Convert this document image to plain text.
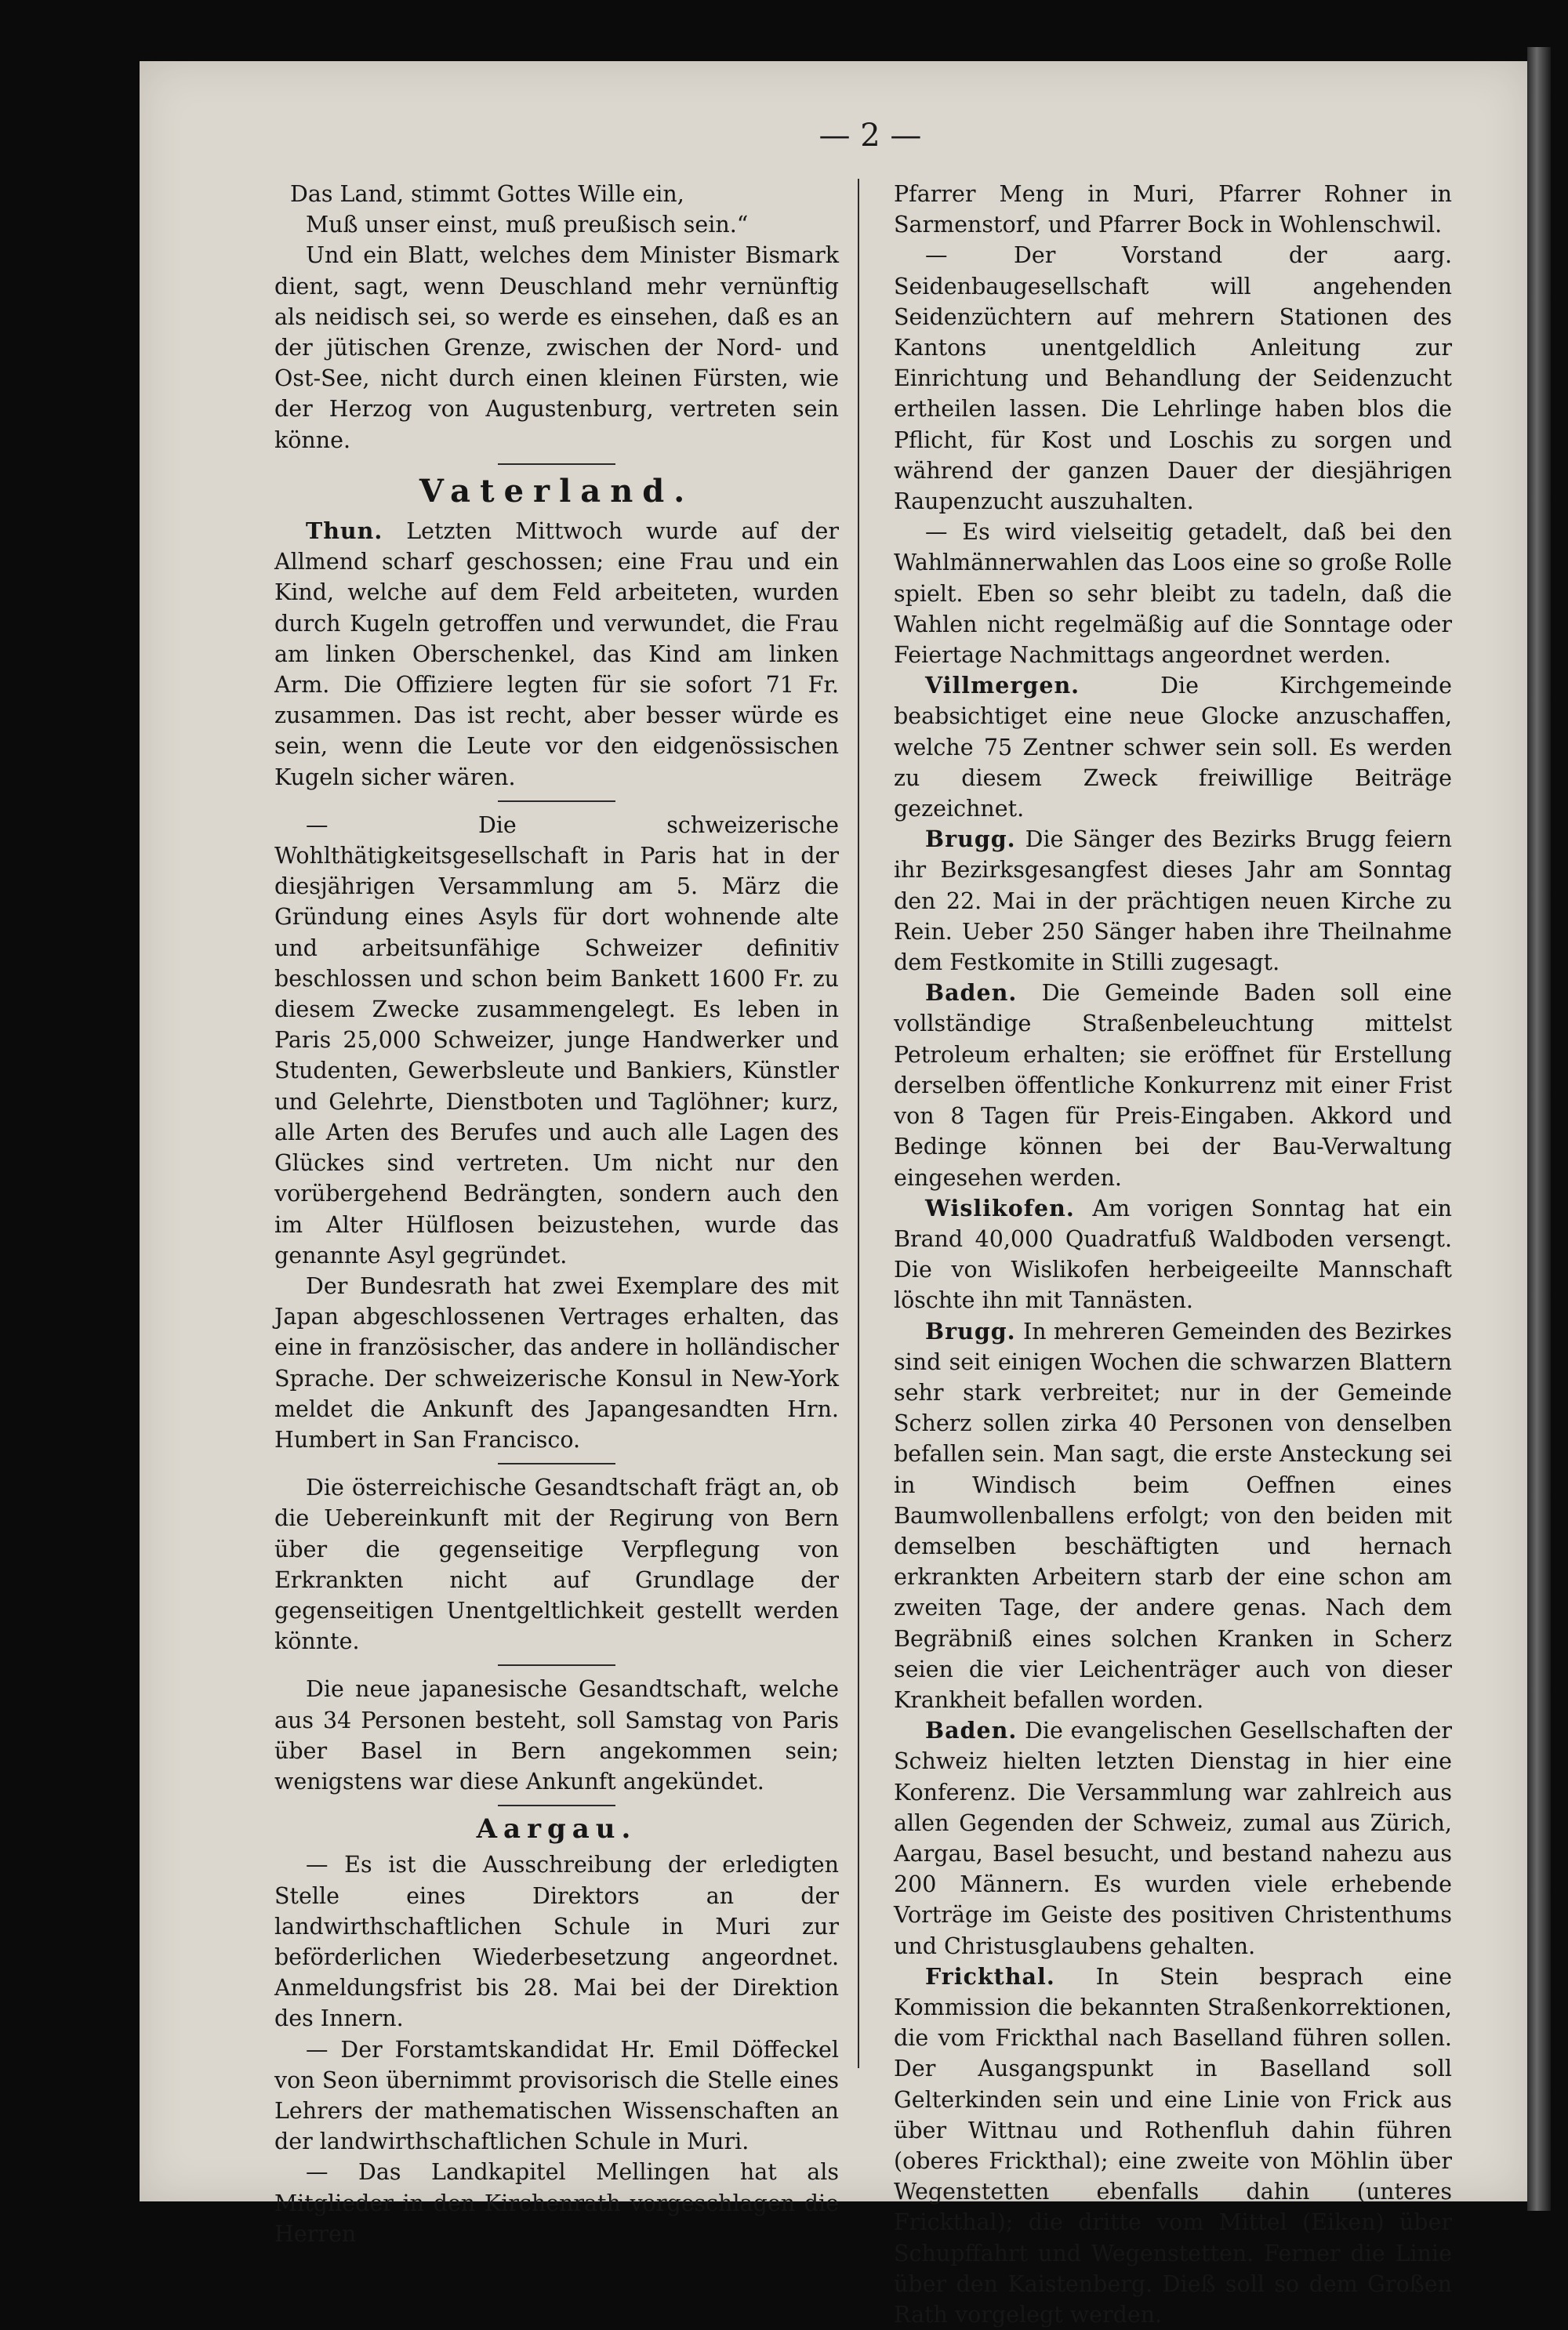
— 2 —

Das Land, stimmt Gottes Wille ein,

Muß unser einst, muß preußisch sein.“

Und ein Blatt, welches dem Minister Bismark dient, sagt, wenn Deuschland mehr vernünftig als neidisch sei, so werde es einsehen, daß es an der jütischen Grenze, zwischen der Nord- und Ost-See, nicht durch einen kleinen Fürsten, wie der Herzog von Augustenburg, vertreten sein könne.

Vaterland.

Thun. Letzten Mittwoch wurde auf der Allmend scharf geschossen; eine Frau und ein Kind, welche auf dem Feld arbeiteten, wurden durch Kugeln getroffen und verwundet, die Frau am linken Oberschenkel, das Kind am linken Arm. Die Offiziere legten für sie sofort 71 Fr. zusammen. Das ist recht, aber besser würde es sein, wenn die Leute vor den eidgenössischen Kugeln sicher wären.

— Die schweizerische Wohlthätigkeitsgesellschaft in Paris hat in der diesjährigen Versammlung am 5. März die Gründung eines Asyls für dort wohnende alte und arbeitsunfähige Schweizer definitiv beschlossen und schon beim Bankett 1600 Fr. zu diesem Zwecke zusammengelegt. Es leben in Paris 25,000 Schweizer, junge Handwerker und Studenten, Gewerbsleute und Bankiers, Künstler und Gelehrte, Dienstboten und Taglöhner; kurz, alle Arten des Berufes und auch alle Lagen des Glückes sind vertreten. Um nicht nur den vorübergehend Bedrängten, sondern auch den im Alter Hülflosen beizustehen, wurde das genannte Asyl gegründet.

Der Bundesrath hat zwei Exemplare des mit Japan abgeschlossenen Vertrages erhalten, das eine in französischer, das andere in holländischer Sprache. Der schweizerische Konsul in New-York meldet die Ankunft des Japangesandten Hrn. Humbert in San Francisco.

Die österreichische Gesandtschaft frägt an, ob die Uebereinkunft mit der Regirung von Bern über die gegenseitige Verpflegung von Erkrankten nicht auf Grundlage der gegenseitigen Unentgeltlichkeit gestellt werden könnte.

Die neue japanesische Gesandtschaft, welche aus 34 Personen besteht, soll Samstag von Paris über Basel in Bern angekommen sein; wenigstens war diese Ankunft angekündet.

Aargau.

— Es ist die Ausschreibung der erledigten Stelle eines Direktors an der landwirthschaftlichen Schule in Muri zur beförderlichen Wiederbesetzung angeordnet. Anmeldungsfrist bis 28. Mai bei der Direktion des Innern.

— Der Forstamtskandidat Hr. Emil Döffeckel von Seon übernimmt provisorisch die Stelle eines Lehrers der mathematischen Wissenschaften an der landwirthschaftlichen Schule in Muri.

— Das Landkapitel Mellingen hat als Mitglieder in den Kirchenrath vorgeschlagen die Herren

Pfarrer Meng in Muri, Pfarrer Rohner in Sarmenstorf, und Pfarrer Bock in Wohlenschwil.

— Der Vorstand der aarg. Seidenbaugesellschaft will angehenden Seidenzüchtern auf mehrern Stationen des Kantons unentgeldlich Anleitung zur Einrichtung und Behandlung der Seidenzucht ertheilen lassen. Die Lehrlinge haben blos die Pflicht, für Kost und Loschis zu sorgen und während der ganzen Dauer der diesjährigen Raupenzucht auszuhalten.

— Es wird vielseitig getadelt, daß bei den Wahlmännerwahlen das Loos eine so große Rolle spielt. Eben so sehr bleibt zu tadeln, daß die Wahlen nicht regelmäßig auf die Sonntage oder Feiertage Nachmittags angeordnet werden.

Villmergen.	Die Kirchgemeinde beabsichtiget eine neue Glocke anzuschaffen, welche 75 Zentner schwer sein soll. Es werden zu diesem Zweck freiwillige Beiträge gezeichnet.

Brugg. Die Sänger des Bezirks Brugg feiern ihr Bezirksgesangfest dieses Jahr am Sonntag den 22. Mai in der prächtigen neuen Kirche zu Rein. Ueber 250 Sänger haben ihre Theilnahme dem Festkomite in Stilli zugesagt.

Baden. Die Gemeinde Baden soll eine vollständige Straßenbeleuchtung mittelst Petroleum erhalten; sie eröffnet für Erstellung derselben öffentliche Konkurrenz mit einer Frist von 8 Tagen für Preis-Eingaben. Akkord und Bedinge können bei der Bau-Verwaltung eingesehen werden.

Wislikofen. Am vorigen Sonntag hat ein Brand 40,000 Quadratfuß Waldboden versengt. Die von Wislikofen herbeigeeilte Mannschaft löschte ihn mit Tannästen.

Brugg. In mehreren Gemeinden des Bezirkes sind seit einigen Wochen die schwarzen Blattern sehr stark verbreitet; nur in der Gemeinde Scherz sollen zirka 40 Personen von denselben befallen sein. Man sagt, die erste Ansteckung sei in Windisch beim Oeffnen eines Baumwollenballens erfolgt; von den beiden mit demselben beschäftigten und hernach erkrankten Arbeitern starb der eine schon am zweiten Tage, der andere genas. Nach dem Begräbniß eines solchen Kranken in Scherz seien die vier Leichenträger auch von dieser Krankheit befallen worden.

Baden. Die evangelischen Gesellschaften der Schweiz hielten letzten Dienstag in hier eine Konferenz. Die Versammlung war zahlreich aus allen Gegenden der Schweiz, zumal aus Zürich, Aargau, Basel besucht, und bestand nahezu aus 200 Männern. Es wurden viele erhebende Vorträge im Geiste des positiven Christenthums und Christusglaubens gehalten.

Frickthal. In Stein besprach eine Kommission die bekannten Straßenkorrektionen, die vom Frickthal nach Baselland führen sollen. Der Ausgangspunkt in Baselland soll Gelterkinden sein und eine Linie von Frick aus über Wittnau und Rothenfluh dahin führen (oberes Frickthal); eine zweite von Möhlin über Wegenstetten ebenfalls dahin (unteres Frickthal); die dritte vom Mittel (Eiken) über Schupffahrt und Wegenstetten. Ferner die Linie über den Kaistenberg. Dieß soll so dem Großen Rath vorgelegt werden.
